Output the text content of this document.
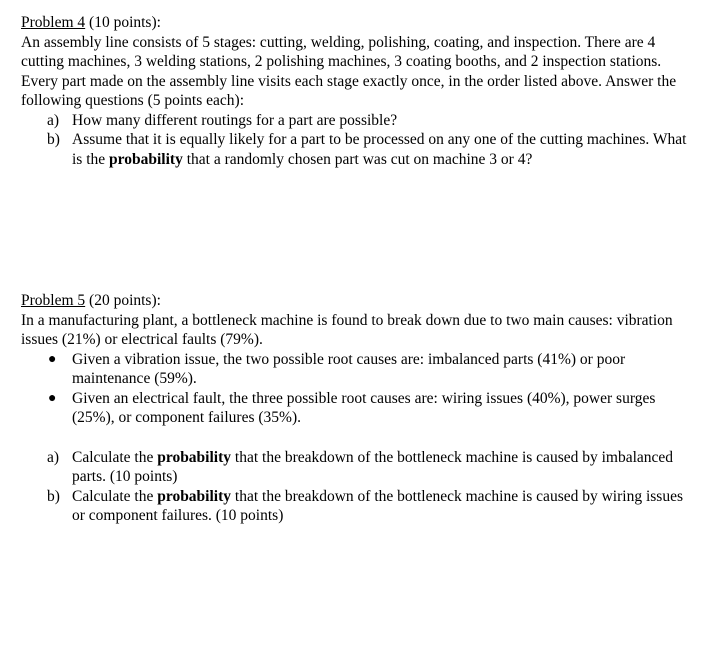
Problem 4 (10 points):

An assembly line consists of 5 stages: cutting, welding, polishing, coating, and inspection. There are 4 cutting machines, 3 welding stations, 2 polishing machines, 3 coating booths, and 2 inspection stations. Every part made on the assembly line visits each stage exactly once, in the order listed above. Answer the following questions (5 points each):

a) How many different routings for a part are possible?
b) Assume that it is equally likely for a part to be processed on any one of the cutting machines. What is the probability that a randomly chosen part was cut on machine 3 or 4?

Problem 5 (20 points):

In a manufacturing plant, a bottleneck machine is found to break down due to two main causes: vibration issues (21%) or electrical faults (79%).

● Given a vibration issue, the two possible root causes are: imbalanced parts (41%) or poor maintenance (59%).
● Given an electrical fault, the three possible root causes are: wiring issues (40%), power surges (25%), or component failures (35%).
a) Calculate the probability that the breakdown of the bottleneck machine is caused by imbalanced parts. (10 points)
b) Calculate the probability that the breakdown of the bottleneck machine is caused by wiring issues or component failures. (10 points)
